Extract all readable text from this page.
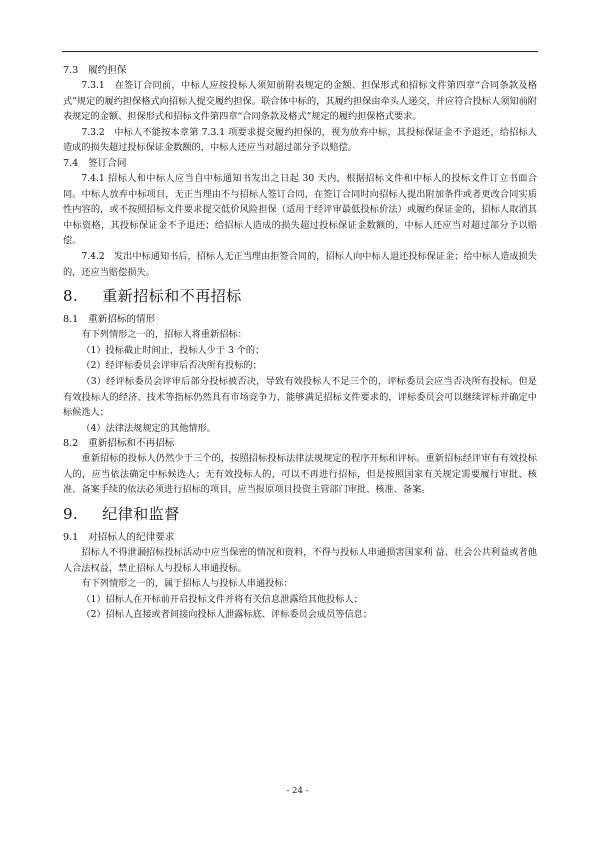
7.3 履约担保

7.3.1　在签订合同前，中标人应按投标人须知前附表规定的金额、担保形式和招标文件第四章“合同条款及格式”规定的履约担保格式向招标人提交履约担保。联合体中标的，其履约担保由牵头人递交，并应符合投标人须知前附表规定的金额、担保形式和招标文件第四章“合同条款及格式”规定的履约担保格式要求。

7.3.2　中标人不能按本章第 7.3.1 项要求提交履约担保的，视为放弃中标，其投标保证金不予退还，给招标人造成的损失超过投标保证金数额的，中标人还应当对超过部分予以赔偿。

7.4 签订合同

7.4.1 招标人和中标人应当自中标通知书发出之日起 30 天内，根据招标文件和中标人的投标文件订立书面合同。中标人放弃中标项目，无正当理由不与招标人签订合同，在签订合同时向招标人提出附加条件或者更改合同实质性内容的，或不按照招标文件要求提交低价风险担保（适用于经评审最低投标价法）或履约保证金的，招标人取消其中标资格，其投标保证金不予退还；给招标人造成的损失超过投标保证金数额的，中标人还应当对超过部分予以赔偿。

7.4.2　发出中标通知书后，招标人无正当理由拒签合同的，招标人向中标人退还投标保证金；给中标人造成损失的，还应当赔偿损失。

8. 重新招标和不再招标
8.1 重新招标的情形

有下列情形之一的，招标人将重新招标：

（1）投标截止时间止，投标人少于 3 个的；

（2）经评标委员会评审后否决所有投标的；

（3）经评标委员会评审后部分投标被否决，导致有效投标人不足三个的，评标委员会应当否决所有投标。但是有效投标人的经济、技术等指标仍然具有市场竞争力，能够满足招标文件要求的，评标委员会可以继续评标并确定中标候选人；

（4）法律法规规定的其他情形。

8.2 重新招标和不再招标

重新招标的投标人仍然少于三个的，按照招标投标法律法规规定的程序开标和评标。重新招标经评审有有效投标人的，应当依法确定中标候选人；无有效投标人的，可以不再进行招标，但是按照国家有关规定需要履行审批、核准、备案手续的依法必须进行招标的项目，应当报原项目投资主管部门审批、核准、备案。

9. 纪律和监督
9.1 对招标人的纪律要求

招标人不得泄漏招标投标活动中应当保密的情况和资料，不得与投标人串通损害国家利 益、社会公共利益或者他人合法权益，禁止招标人与投标人串通投标。

有下列情形之一的，属于招标人与投标人串通投标：

（1）招标人在开标前开启投标文件并将有关信息泄露给其他投标人；

（2）招标人直接或者间接向投标人泄露标底、评标委员会成员等信息；

- 24 -
